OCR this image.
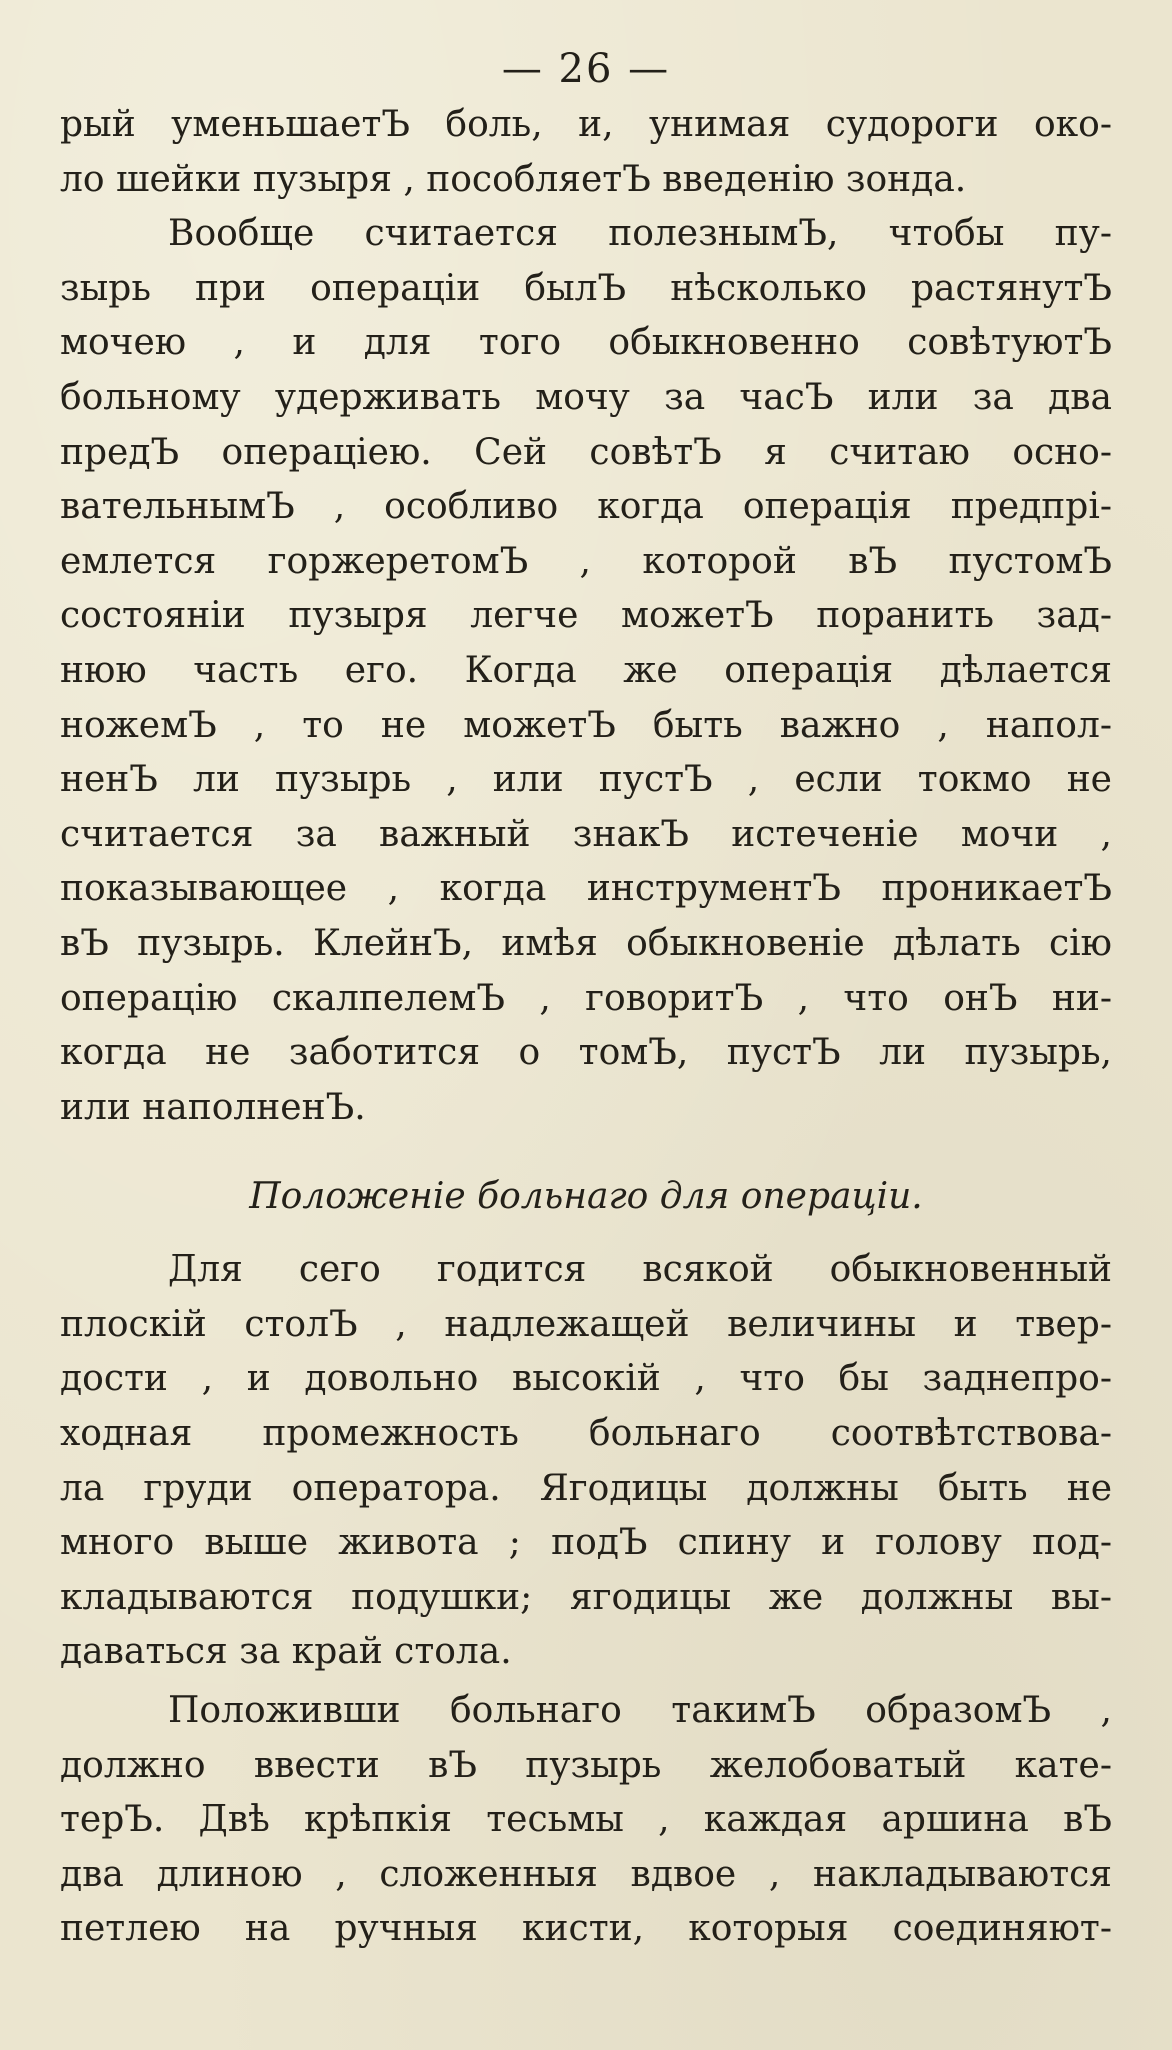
— 26 —
рый уменьшаетЪ боль, и, унимая судороги око-
ло шейки пузыря , пособляетЪ введенію зонда.
Вообще считается полезнымЪ, чтобы пу-
зырь при операціи былЪ нѣсколько растянутЪ
мочею , и для того обыкновенно совѣтуютЪ
больному удерживать мочу за часЪ или за два
предЪ операціею. Сей совѣтЪ я считаю осно-
вательнымЪ , особливо когда операція предпрі-
емлется горжеретомЪ , которой вЪ пустомЪ
состояніи пузыря легче можетЪ поранить зад-
нюю часть его. Когда же операція дѣлается
ножемЪ , то не можетЪ быть важно , напол-
ненЪ ли пузырь , или пустЪ , если токмо не
считается за важный знакЪ истеченіе мочи ,
показывающее , когда инструментЪ проникаетЪ
вЪ пузырь. КлейнЪ, имѣя обыкновеніе дѣлать сію
операцію скалпелемЪ , говоритЪ , что онЪ ни-
когда не заботится о томЪ, пустЪ ли пузырь,
или наполненЪ.
Положеніе больнаго для операціи.
Для сего годится всякой обыкновенный
плоскій столЪ , надлежащей величины и твер-
дости , и довольно высокій , что бы заднепро-
ходная промежность больнаго соотвѣтствова-
ла груди оператора. Ягодицы должны быть не
много выше живота ; подЪ спину и голову под-
кладываются подушки; ягодицы же должны вы-
даваться за край стола.
Положивши больнаго такимЪ образомЪ ,
должно ввести вЪ пузырь желобоватый кате-
терЪ. Двѣ крѣпкія тесьмы , каждая аршина вЪ
два длиною , сложенныя вдвое , накладываются
петлею на ручныя кисти, которыя соединяют-
